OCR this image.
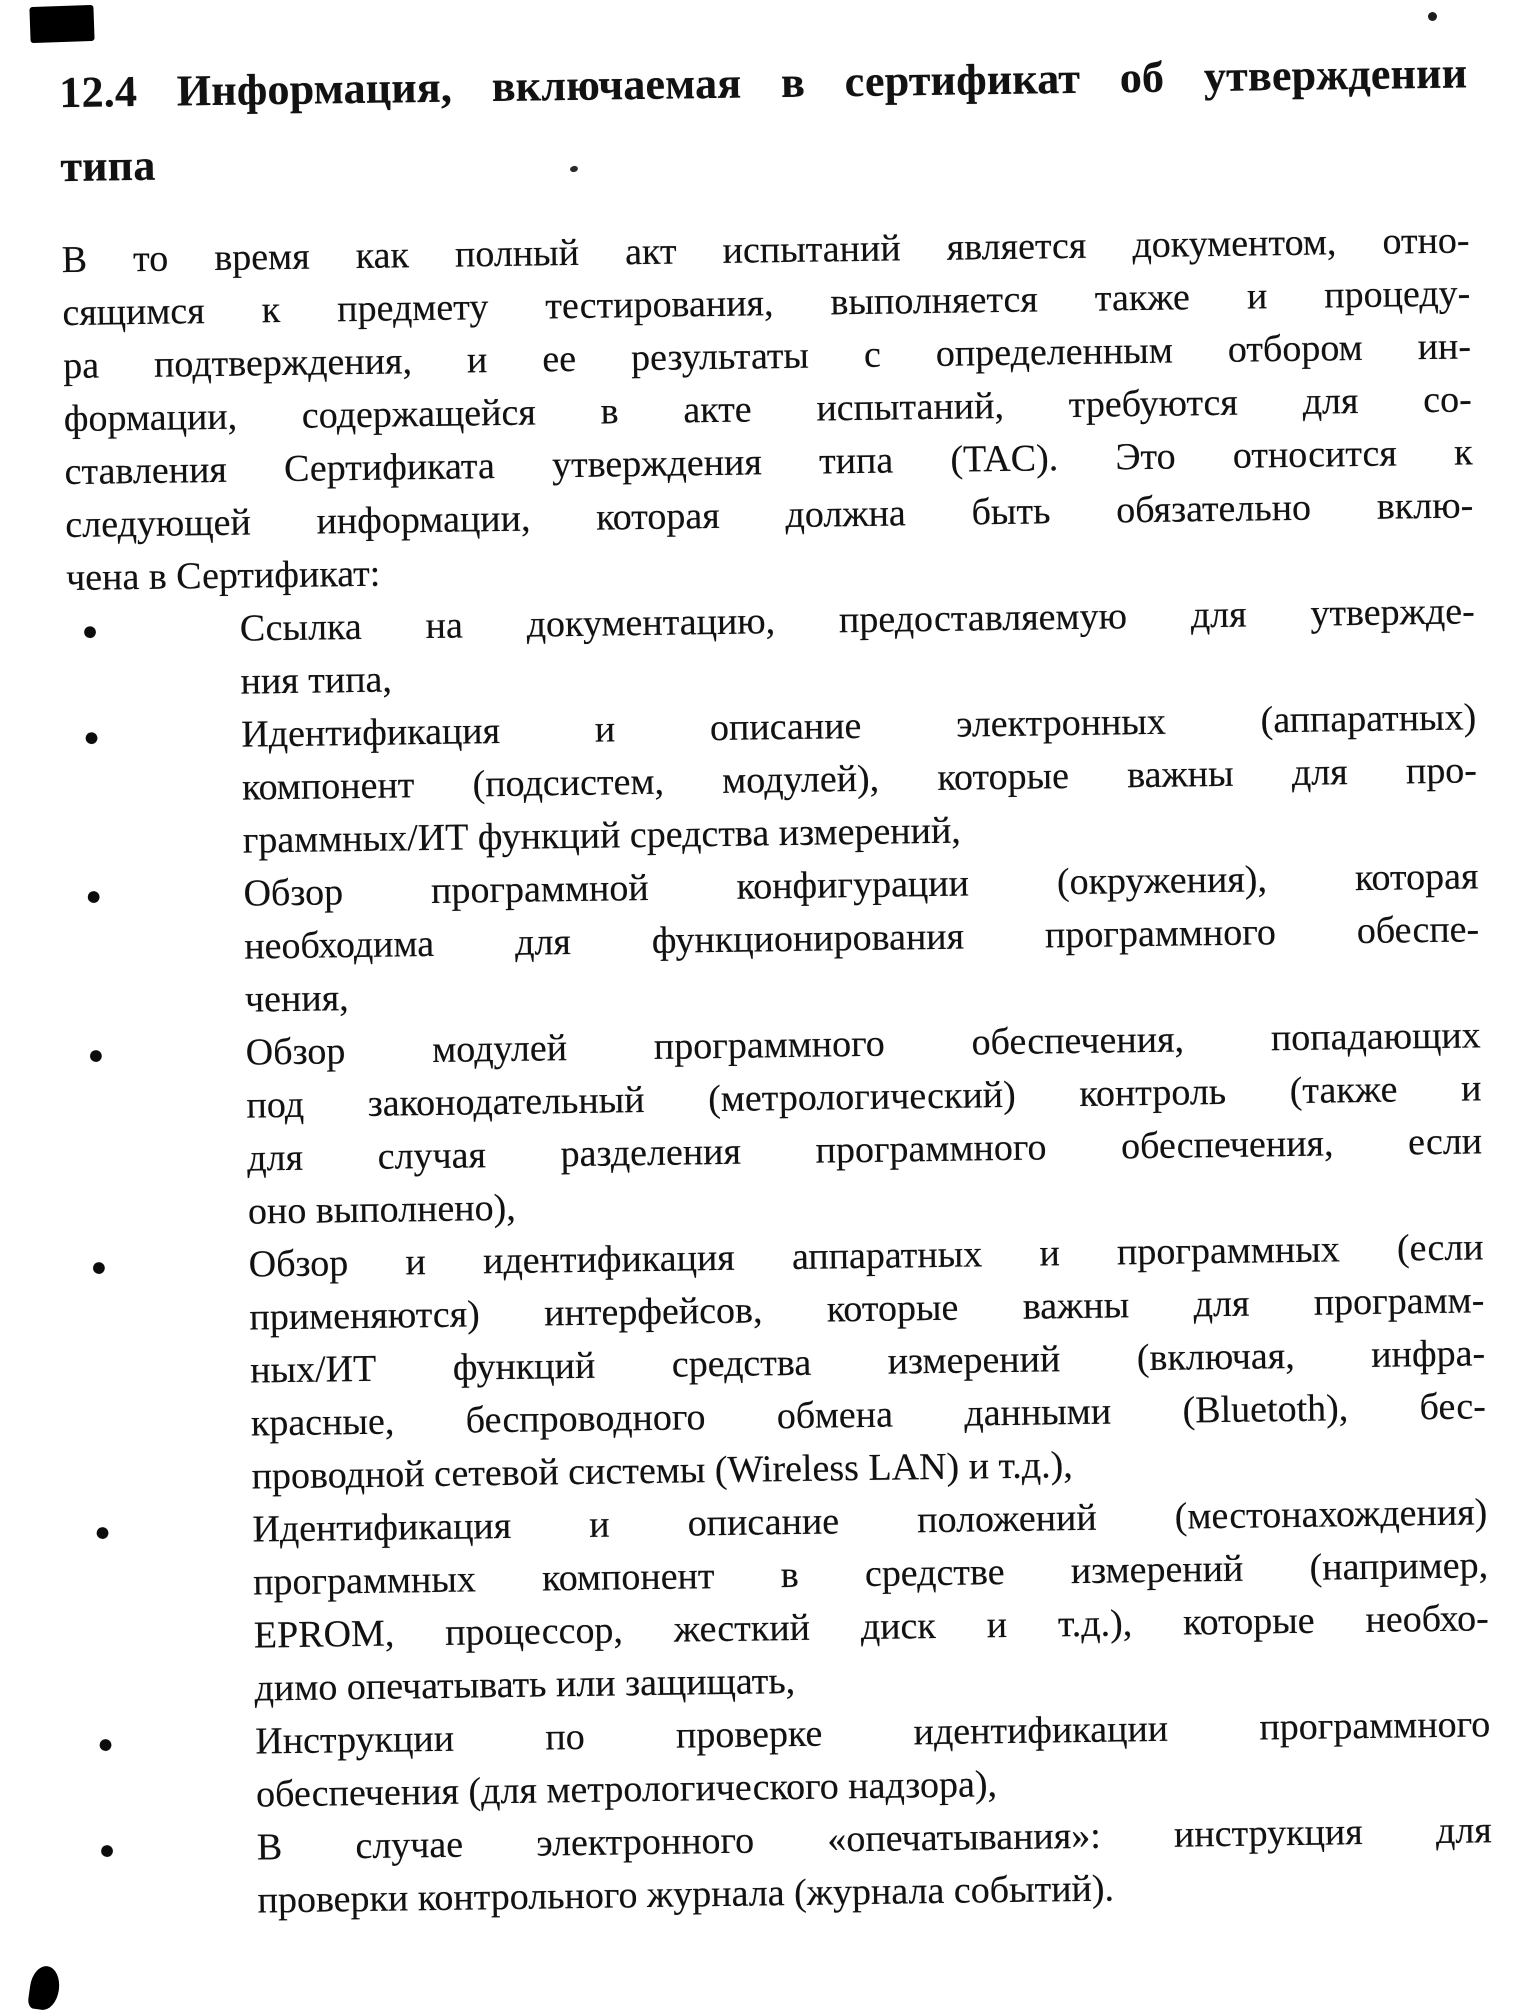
12.4 Информация, включаемая в сертификат об утверждении
типа
В то время как полный акт испытаний является документом, отно-
сящимся к предмету тестирования, выполняется также и процеду-
ра подтверждения, и ее результаты с определенным отбором ин-
формации, содержащейся в акте испытаний, требуются для со-
ставления Сертификата утверждения типа (TAC). Это относится к
следующей информации, которая должна быть обязательно вклю-
чена в Сертификат:
●	Ссылка на документацию, предоставляемую для утвержде-
ния типа,
●	Идентификация и описание электронных (аппаратных)
компонент (подсистем, модулей), которые важны для про-
граммных/ИТ функций средства измерений,
●	Обзор программной конфигурации (окружения), которая
необходима для функционирования программного обеспе-
чения,
●	Обзор модулей программного обеспечения, попадающих
под законодательный (метрологический) контроль (также и
для случая разделения программного обеспечения, если
оно выполнено),
●	Обзор и идентификация аппаратных и программных (если
применяются) интерфейсов, которые важны для программ-
ных/ИТ функций средства измерений (включая, инфра-
красные, беспроводного обмена данными (Bluetoth), бес-
проводной сетевой системы (Wireless LAN) и т.д.),
●	Идентификация и описание положений (местонахождения)
программных компонент в средстве измерений (например,
EPROM, процессор, жесткий диск и т.д.), которые необхо-
димо опечатывать или защищать,
●	Инструкции по проверке идентификации программного
обеспечения (для метрологического надзора),
●	В случае электронного «опечатывания»: инструкция для
проверки контрольного журнала (журнала событий).
